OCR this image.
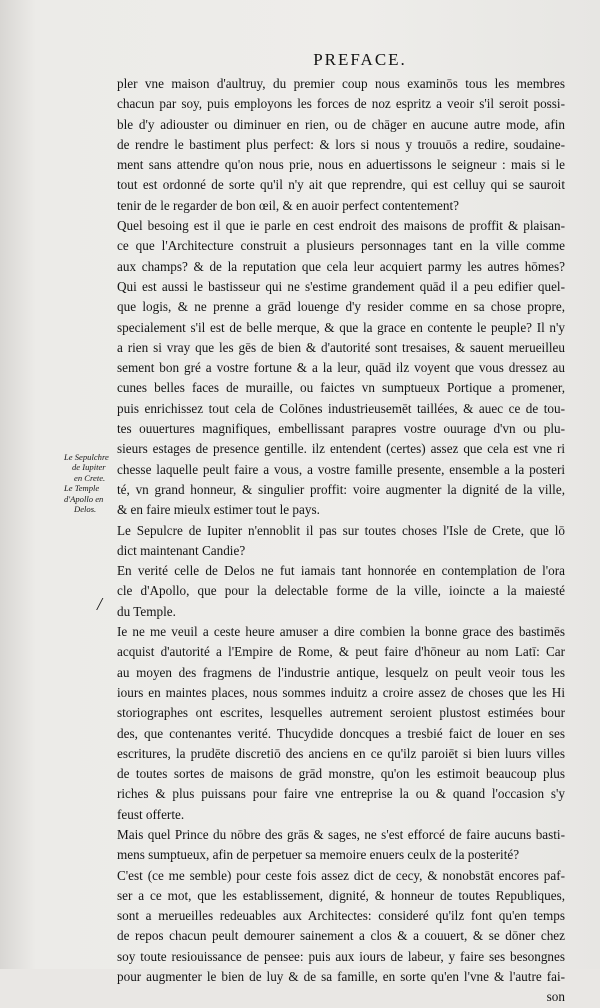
PREFACE.
Le Sepulchre
de Iupiter
en Crete.
Le Temple
d'Apollo en
Delos.
/
pler vne maison d'aultruy, du premier coup nous examinōs tous les membres
chacun par soy, puis employons les forces de noz espritz a veoir s'il seroit possi-
ble d'y adiouster ou diminuer en rien, ou de chāger en aucune autre mode, afin
de rendre le bastiment plus perfect: & lors si nous y trouuōs a redire, soudaine-
ment sans attendre qu'on nous prie, nous en aduertissons le seigneur : mais si le
tout est ordonné de sorte qu'il n'y ait que reprendre, qui est celluy qui se sauroit
tenir de le regarder de bon œil, & en auoir perfect contentement?
Quel besoing est il que ie parle en cest endroit des maisons de proffit & plaisan-
ce que l'Architecture construit a plusieurs personnages tant en la ville comme
aux champs? & de la reputation que cela leur acquiert parmy les autres hōmes?
Qui est aussi le bastisseur qui ne s'estime grandement quād il a peu edifier quel-
que logis, & ne prenne a grād louenge d'y resider comme en sa chose propre,
specialement s'il est de belle merque, & que la grace en contente le peuple? Il n'y
a rien si vray que les gēs de bien & d'autorité sont tresaises, & sauent merueilleu
sement bon gré a vostre fortune & a la leur, quād ilz voyent que vous dressez au
cunes belles faces de muraille, ou faictes vn sumptueux Portique a promener,
puis enrichissez tout cela de Colōnes industrieusemēt taillées, & auec ce de tou-
tes ouuertures magnifiques, embellissant parapres vostre ouurage d'vn ou plu-
sieurs estages de presence gentille. ilz entendent (certes) assez que cela est vne ri
chesse laquelle peult faire a vous, a vostre famille presente, ensemble a la posteri
té, vn grand honneur, & singulier proffit: voire augmenter la dignité de la ville,
& en faire mieulx estimer tout le pays.
Le Sepulcre de Iupiter n'ennoblit il pas sur toutes choses l'Isle de Crete, que lō
dict maintenant Candie?
En verité celle de Delos ne fut iamais tant honnorée en contemplation de l'ora
cle d'Apollo, que pour la delectable forme de la ville, ioincte a la maiesté
du Temple.
Ie ne me veuil a ceste heure amuser a dire combien la bonne grace des bastimēs
acquist d'autorité a l'Empire de Rome, & peut faire d'hōneur au nom Latī: Car
au moyen des fragmens de l'industrie antique, lesquelz on peult veoir tous les
iours en maintes places, nous sommes induitz a croire assez de choses que les Hi
storiographes ont escrites, lesquelles autrement seroient plustost estimées bour
des, que contenantes verité. Thucydide doncques a tresbié faict de louer en ses
escritures, la prudēte discretiō des anciens en ce qu'ilz paroiēt si bien luurs villes
de toutes sortes de maisons de grād monstre, qu'on les estimoit beaucoup plus
riches & plus puissans pour faire vne entreprise la ou & quand l'occasion s'y
feust offerte.
Mais quel Prince du nōbre des grās & sages, ne s'est efforcé de faire aucuns basti-
mens sumptueux, afin de perpetuer sa memoire enuers ceulx de la posterité?
C'est (ce me semble) pour ceste fois assez dict de cecy, & nonobstāt encores paf-
ser a ce mot, que les establissement, dignité, & honneur de toutes Republiques,
sont a merueilles redeuables aux Architectes: consideré qu'ilz font qu'en temps
de repos chacun peult demourer sainement a clos & a couuert, & se dōner chez
soy toute resiouissance de pensee: puis aux iours de labeur, y faire ses besongnes
pour augmenter le bien de luy & de sa famille, en sorte qu'en l'vne & l'autre fai-
son
